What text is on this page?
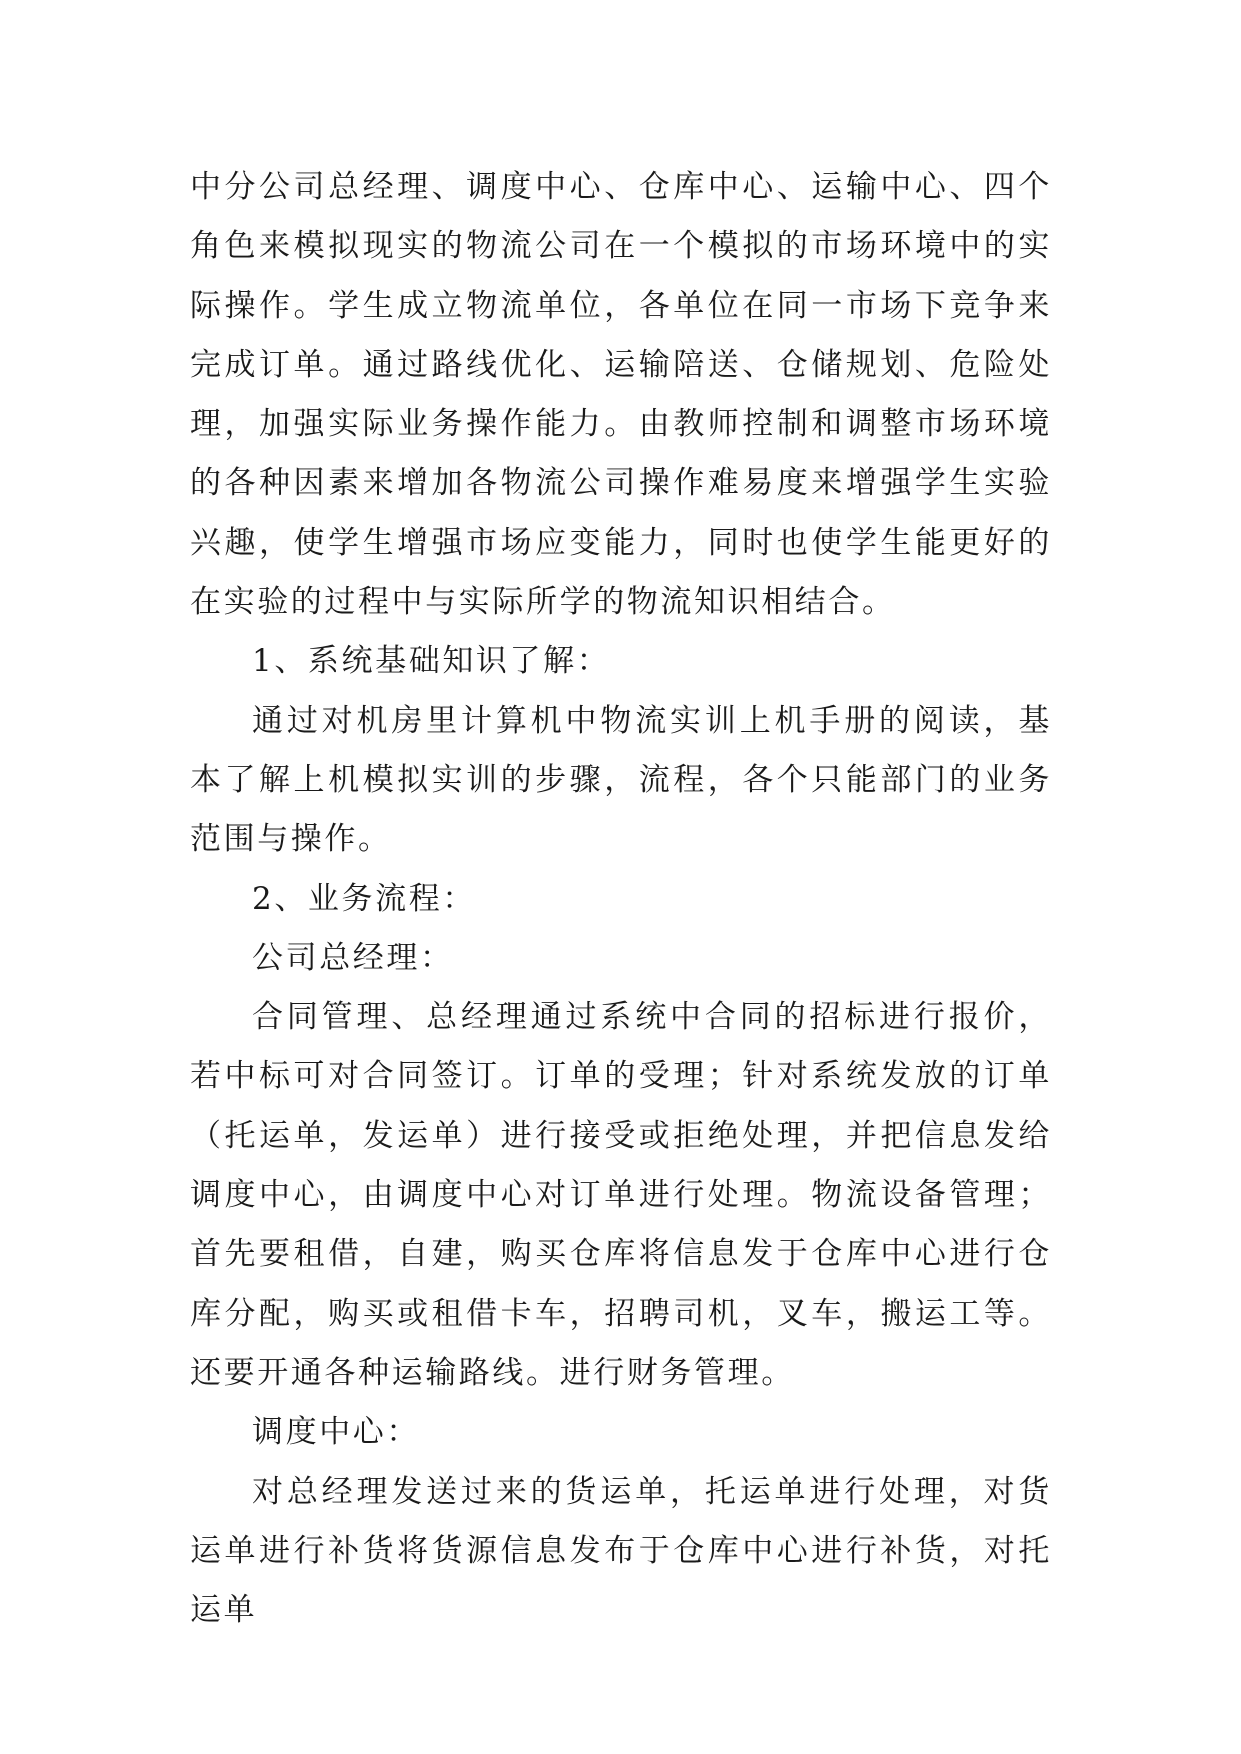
中分公司总经理、调度中心、仓库中心、运输中心、四个角色来模拟现实的物流公司在一个模拟的市场环境中的实际操作。学生成立物流单位，各单位在同一市场下竞争来完成订单。通过路线优化、运输陪送、仓储规划、危险处理，加强实际业务操作能力。由教师控制和调整市场环境的各种因素来增加各物流公司操作难易度来增强学生实验兴趣，使学生增强市场应变能力，同时也使学生能更好的在实验的过程中与实际所学的物流知识相结合。

1、系统基础知识了解：

通过对机房里计算机中物流实训上机手册的阅读，基本了解上机模拟实训的步骤，流程，各个只能部门的业务范围与操作。

2、业务流程：

公司总经理：

合同管理、总经理通过系统中合同的招标进行报价，若中标可对合同签订。订单的受理；针对系统发放的订单（托运单，发运单）进行接受或拒绝处理，并把信息发给调度中心，由调度中心对订单进行处理。物流设备管理；首先要租借，自建，购买仓库将信息发于仓库中心进行仓库分配，购买或租借卡车，招聘司机，叉车，搬运工等。还要开通各种运输路线。进行财务管理。

调度中心：

对总经理发送过来的货运单，托运单进行处理，对货运单进行补货将货源信息发布于仓库中心进行补货，对托运单
